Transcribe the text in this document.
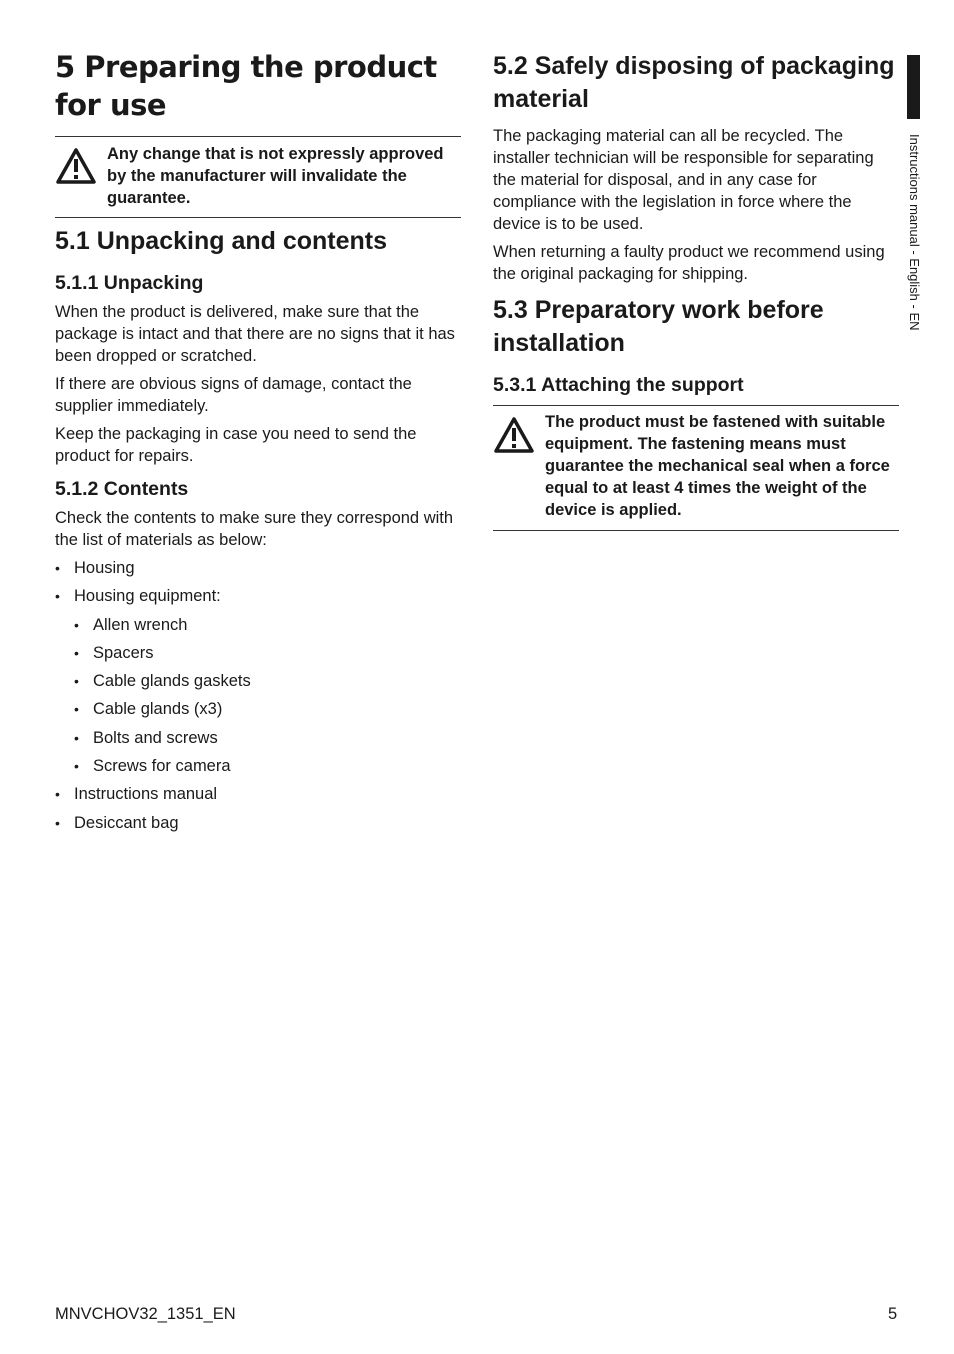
5 Preparing the product for use
Any change that is not expressly approved by the manufacturer will invalidate the guarantee.
5.1 Unpacking and contents
5.1.1 Unpacking

When the product is delivered, make sure that the package is intact and that there are no signs that it has been dropped or scratched.

If there are obvious signs of damage, contact the supplier immediately.

Keep the packaging in case you need to send the product for repairs.

5.1.2 Contents

Check the contents to make sure they correspond with the list of materials as below:

• Housing
• Housing equipment:
• Allen wrench
• Spacers
• Cable glands gaskets
• Cable glands (x3)
• Bolts and screws
• Screws for camera
• Instructions manual
• Desiccant bag
5.2 Safely disposing of packaging material

The packaging material can all be recycled. The installer technician will be responsible for separating the material for disposal, and in any case for compliance with the legislation in force where the device is to be used.

When returning a faulty product we recommend using the original packaging for shipping.

5.3 Preparatory work before installation
5.3.1 Attaching the support
The product must be fastened with suitable equipment. The fastening means must guarantee the mechanical seal when a force equal to at least 4 times the weight of the device is applied.
Instructions manual - English - EN
MNVCHOV32_1351_EN	5
